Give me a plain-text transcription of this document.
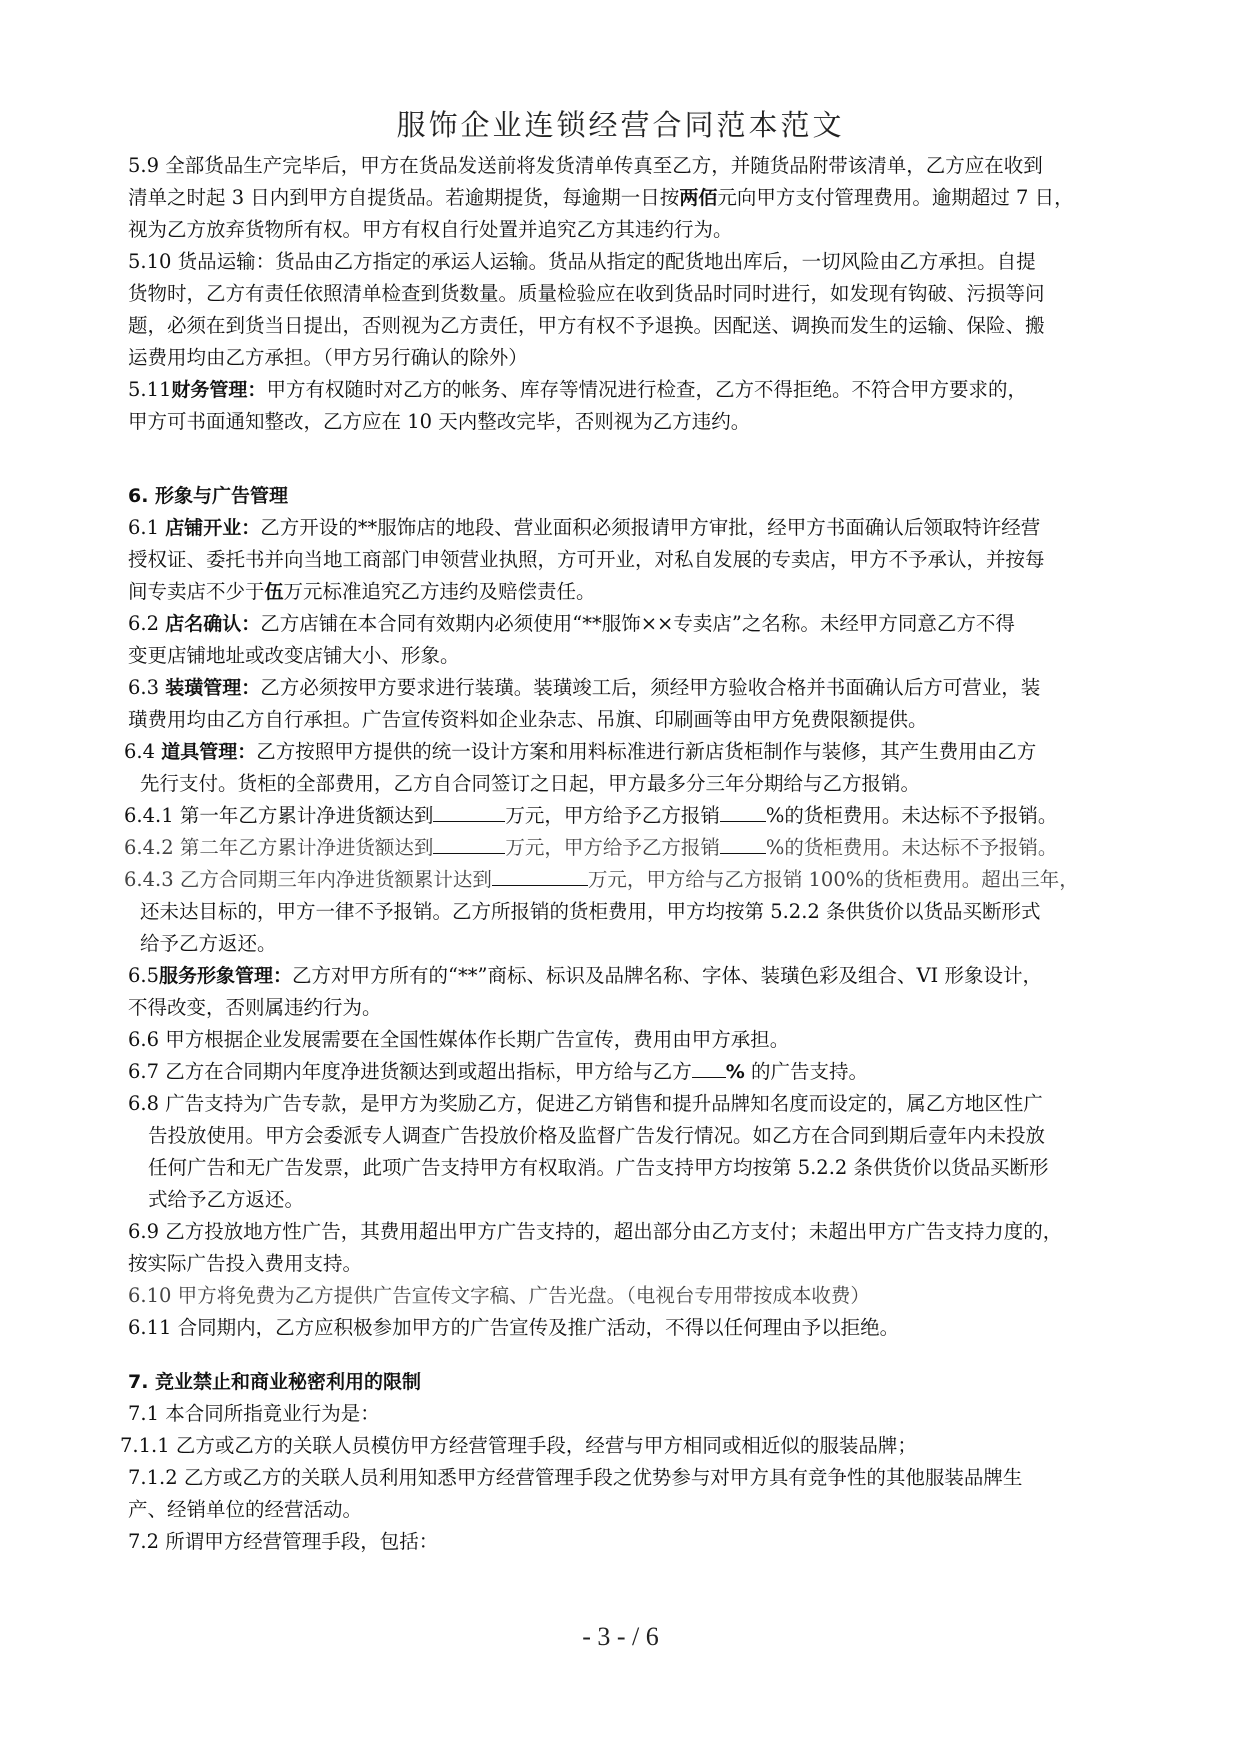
服饰企业连锁经营合同范本范文

5.9 全部货品生产完毕后，甲方在货品发送前将发货清单传真至乙方，并随货品附带该清单，乙方应在收到

清单之时起 3 日内到甲方自提货品。若逾期提货，每逾期一日按两佰元向甲方支付管理费用。逾期超过 7 日，

视为乙方放弃货物所有权。甲方有权自行处置并追究乙方其违约行为。

5.10 货品运输：货品由乙方指定的承运人运输。货品从指定的配货地出库后，一切风险由乙方承担。自提

货物时，乙方有责任依照清单检查到货数量。质量检验应在收到货品时同时进行，如发现有钩破、污损等问

题，必须在到货当日提出，否则视为乙方责任，甲方有权不予退换。因配送、调换而发生的运输、保险、搬

运费用均由乙方承担。（甲方另行确认的除外）

5.11财务管理：甲方有权随时对乙方的帐务、库存等情况进行检查，乙方不得拒绝。不符合甲方要求的，

甲方可书面通知整改，乙方应在 10 天内整改完毕，否则视为乙方违约。

6. 形象与广告管理

6.1 店铺开业：乙方开设的**服饰店的地段、营业面积必须报请甲方审批，经甲方书面确认后领取特许经营

授权证、委托书并向当地工商部门申领营业执照，方可开业，对私自发展的专卖店，甲方不予承认，并按每

间专卖店不少于伍万元标准追究乙方违约及赔偿责任。

6.2 店名确认：乙方店铺在本合同有效期内必须使用“**服饰××专卖店”之名称。未经甲方同意乙方不得

变更店铺地址或改变店铺大小、形象。

6.3 装璜管理：乙方必须按甲方要求进行装璜。装璜竣工后，须经甲方验收合格并书面确认后方可营业，装

璜费用均由乙方自行承担。广告宣传资料如企业杂志、吊旗、印刷画等由甲方免费限额提供。

6.4 道具管理：乙方按照甲方提供的统一设计方案和用料标准进行新店货柜制作与装修，其产生费用由乙方

先行支付。货柜的全部费用，乙方自合同签订之日起，甲方最多分三年分期给与乙方报销。

6.4.1 第一年乙方累计净进货额达到	万元，甲方给予乙方报销 %的货柜费用。未达标不予报销。

6.4.2 第二年乙方累计净进货额达到	万元，甲方给予乙方报销 %的货柜费用。未达标不予报销。

6.4.3 乙方合同期三年内净进货额累计达到	万元，甲方给与乙方报销 100%的货柜费用。超出三年，

还未达目标的，甲方一律不予报销。乙方所报销的货柜费用，甲方均按第 5.2.2 条供货价以货品买断形式

给予乙方返还。

6.5服务形象管理：乙方对甲方所有的“**”商标、标识及品牌名称、字体、装璜色彩及组合、VI 形象设计，

不得改变，否则属违约行为。

6.6 甲方根据企业发展需要在全国性媒体作长期广告宣传，费用由甲方承担。

6.7 乙方在合同期内年度净进货额达到或超出指标，甲方给与乙方 % 的广告支持。

6.8 广告支持为广告专款，是甲方为奖励乙方，促进乙方销售和提升品牌知名度而设定的，属乙方地区性广

告投放使用。甲方会委派专人调查广告投放价格及监督广告发行情况。如乙方在合同到期后壹年内未投放

任何广告和无广告发票，此项广告支持甲方有权取消。广告支持甲方均按第 5.2.2 条供货价以货品买断形

式给予乙方返还。

6.9 乙方投放地方性广告，其费用超出甲方广告支持的，超出部分由乙方支付；未超出甲方广告支持力度的，

按实际广告投入费用支持。

6.10 甲方将免费为乙方提供广告宣传文字稿、广告光盘。（电视台专用带按成本收费）

6.11 合同期内，乙方应积极参加甲方的广告宣传及推广活动，不得以任何理由予以拒绝。

7. 竞业禁止和商业秘密利用的限制

7.1 本合同所指竟业行为是：

7.1.1 乙方或乙方的关联人员模仿甲方经营管理手段，经营与甲方相同或相近似的服装品牌；

7.1.2 乙方或乙方的关联人员利用知悉甲方经营管理手段之优势参与对甲方具有竞争性的其他服装品牌生

产、经销单位的经营活动。

7.2 所谓甲方经营管理手段，包括：

- 3 - / 6
